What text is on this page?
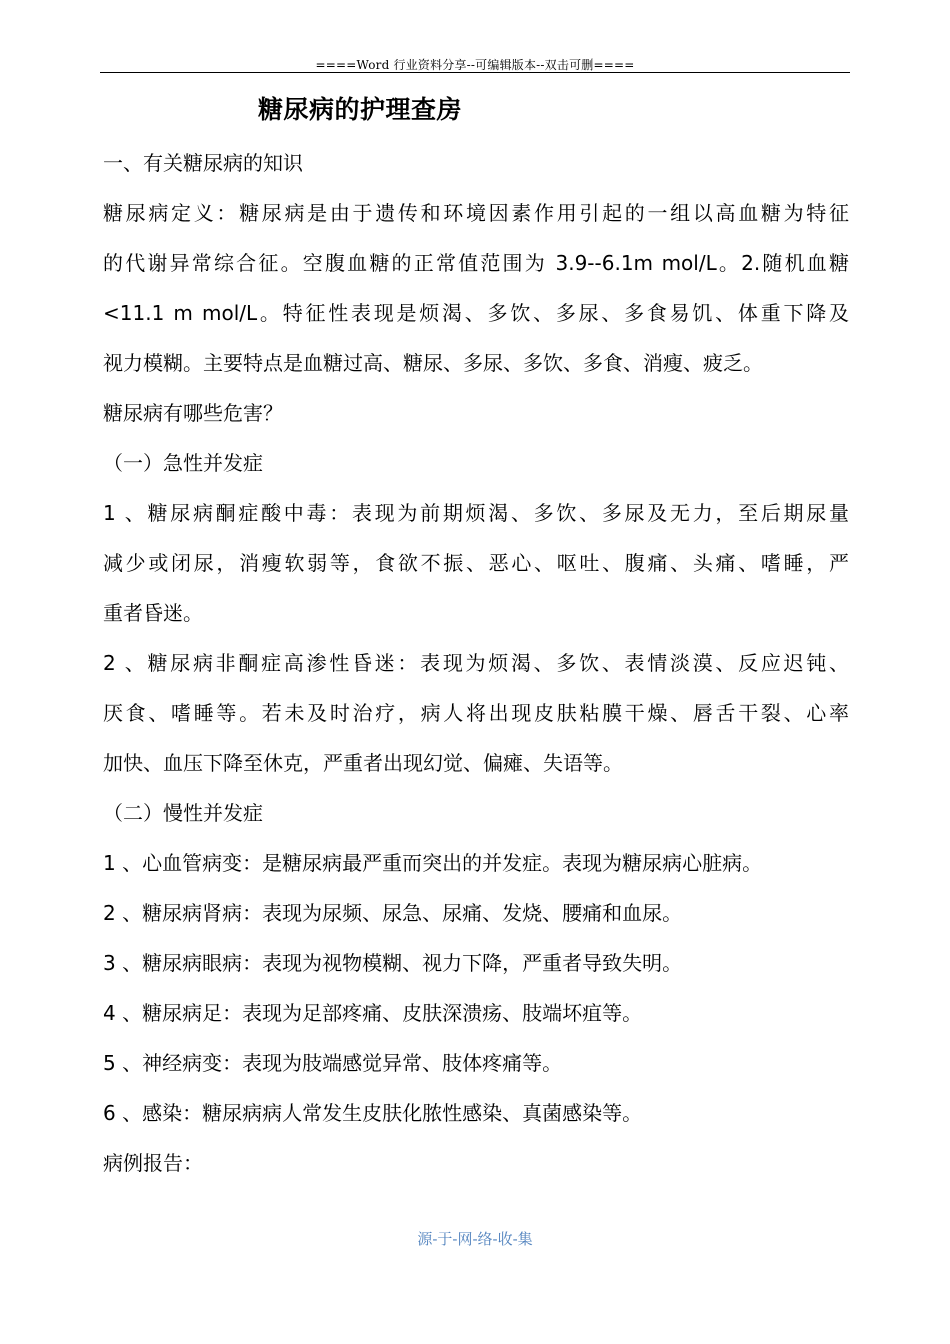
====Word 行业资料分享--可编辑版本--双击可删====
糖尿病的护理查房
一、有关糖尿病的知识
糖尿病定义：糖尿病是由于遗传和环境因素作用引起的一组以高血糖为特征
的代谢异常综合征。空腹血糖的正常值范围为 3.9--6.1m mol/L。2.随机血糖
<11.1 m mol/L。特征性表现是烦渴、多饮、多尿、多食易饥、体重下降及
视力模糊。主要特点是血糖过高、糖尿、多尿、多饮、多食、消瘦、疲乏。
糖尿病有哪些危害？
（一）急性并发症
1 、糖尿病酮症酸中毒：表现为前期烦渴、多饮、多尿及无力，至后期尿量
减少或闭尿，消瘦软弱等，食欲不振、恶心、呕吐、腹痛、头痛、嗜睡，严
重者昏迷。
2 、糖尿病非酮症高渗性昏迷：表现为烦渴、多饮、表情淡漠、反应迟钝、
厌食、嗜睡等。若未及时治疗，病人将出现皮肤粘膜干燥、唇舌干裂、心率
加快、血压下降至休克，严重者出现幻觉、偏瘫、失语等。
（二）慢性并发症
1 、心血管病变：是糖尿病最严重而突出的并发症。表现为糖尿病心脏病。
2 、糖尿病肾病：表现为尿频、尿急、尿痛、发烧、腰痛和血尿。
3 、糖尿病眼病：表现为视物模糊、视力下降，严重者导致失明。
4 、糖尿病足：表现为足部疼痛、皮肤深溃疡、肢端坏疽等。
5 、神经病变：表现为肢端感觉异常、肢体疼痛等。
6 、感染：糖尿病病人常发生皮肤化脓性感染、真菌感染等。
病例报告：
源-于-网-络-收-集
